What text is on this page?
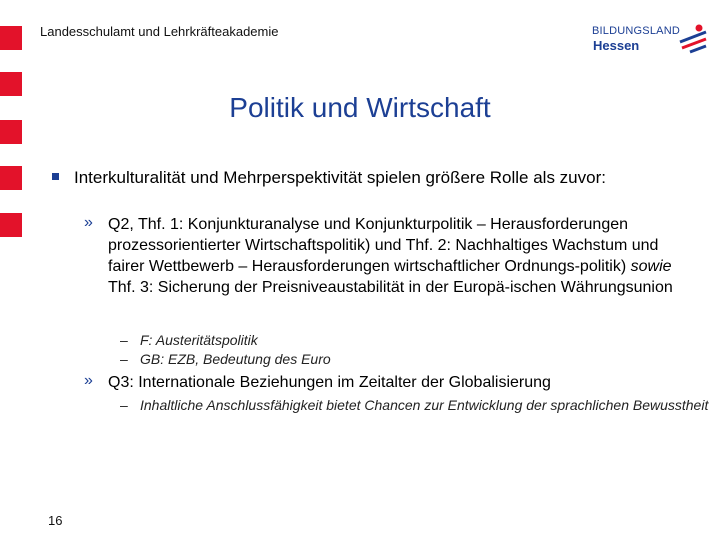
Landesschulamt und Lehrkräfteakademie	BILDUNGSLAND
Hessen
Politik und Wirtschaft
Interkulturalität und Mehrperspektivität spielen größere Rolle als zuvor:
» Q2, Thf. 1: Konjunkturanalyse und Konjunkturpolitik – Herausforderungen prozessorientierter Wirtschaftspolitik) und Thf. 2: Nachhaltiges Wachstum und fairer Wettbewerb – Herausforderungen wirtschaftlicher Ordnungs-politik) sowie Thf. 3: Sicherung der Preisniveaustabilität in der Europä-ischen Währungsunion
– F: Austeritätspolitik
– GB: EZB, Bedeutung des Euro
» Q3: Internationale Beziehungen im Zeitalter der Globalisierung
– Inhaltliche Anschlussfähigkeit bietet Chancen zur Entwicklung der sprachlichen Bewusstheit
16
